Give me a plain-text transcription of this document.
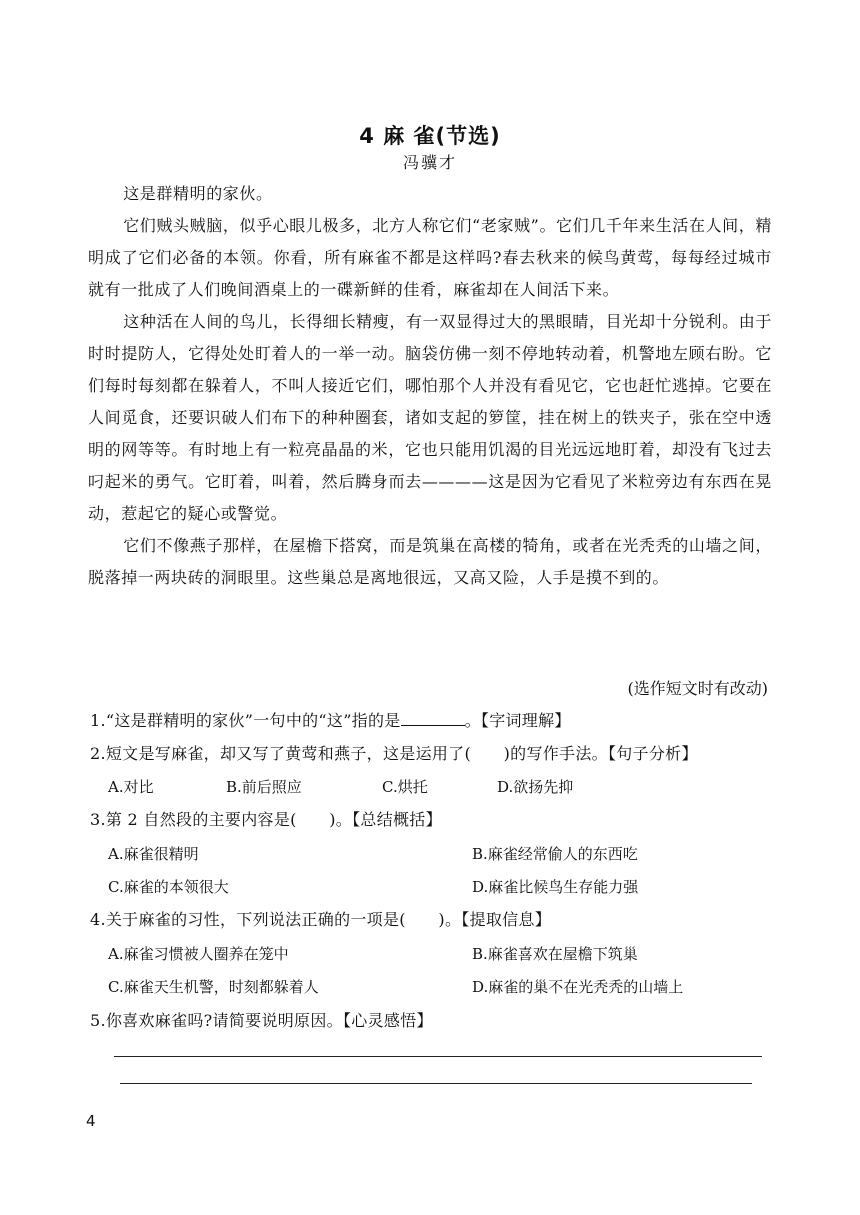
4 麻 雀(节选)
冯骥才

这是群精明的家伙。

它们贼头贼脑，似乎心眼儿极多，北方人称它们“老家贼”。它们几千年来生活在人间，精明成了它们必备的本领。你看，所有麻雀不都是这样吗?春去秋来的候鸟黄莺，每每经过城市就有一批成了人们晚间酒桌上的一碟新鲜的佳肴，麻雀却在人间活下来。

这种活在人间的鸟儿，长得细长精瘦，有一双显得过大的黑眼睛，目光却十分锐利。由于时时提防人，它得处处盯着人的一举一动。脑袋仿佛一刻不停地转动着，机警地左顾右盼。它们每时每刻都在躲着人，不叫人接近它们，哪怕那个人并没有看见它，它也赶忙逃掉。它要在人间觅食，还要识破人们布下的种种圈套，诸如支起的箩筐，挂在树上的铁夹子，张在空中透明的网等等。有时地上有一粒亮晶晶的米，它也只能用饥渴的目光远远地盯着，却没有飞过去叼起米的勇气。它盯着，叫着，然后腾身而去————这是因为它看见了米粒旁边有东西在晃动，惹起它的疑心或警觉。

它们不像燕子那样，在屋檐下搭窝，而是筑巢在高楼的犄角，或者在光秃秃的山墙之间，脱落掉一两块砖的洞眼里。这些巢总是离地很远，又高又险，人手是摸不到的。

(选作短文时有改动)
1.“这是群精明的家伙”一句中的“这”指的是	。【字词理解】
2.短文是写麻雀，却又写了黄莺和燕子，这是运用了(　　)的写作手法。【句子分析】
A.对比	B.前后照应	C.烘托	D.欲扬先抑
3.第 2 自然段的主要内容是(　　)。【总结概括】
A.麻雀很精明	B.麻雀经常偷人的东西吃
C.麻雀的本领很大	D.麻雀比候鸟生存能力强
4.关于麻雀的习性，下列说法正确的一项是(　　)。【提取信息】
A.麻雀习惯被人圈养在笼中	B.麻雀喜欢在屋檐下筑巢
C.麻雀天生机警，时刻都躲着人	D.麻雀的巢不在光秃秃的山墙上
5.你喜欢麻雀吗?请简要说明原因。【心灵感悟】
4
